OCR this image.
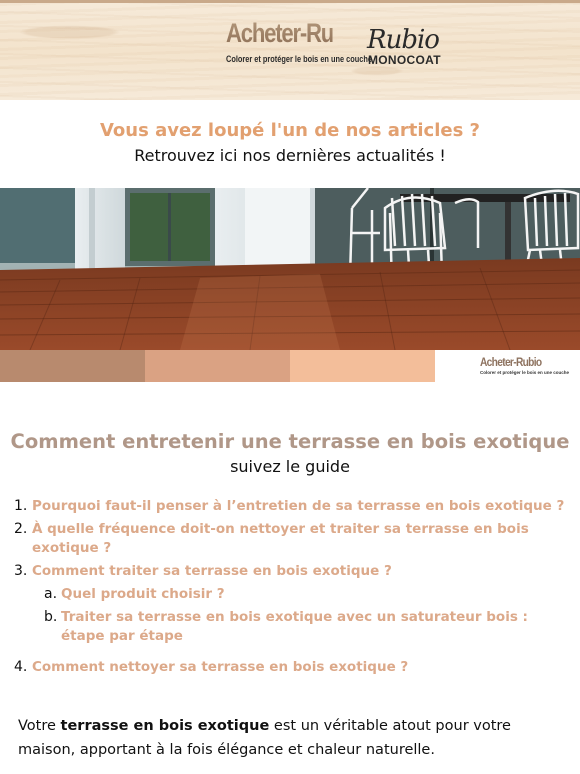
Acheter-Rubio
Colorer et protéger le bois en une couche
Rubio
MONOCOAT
Vous avez loupé l'un de nos articles ?
Retrouvez ici nos dernières actualités !
Acheter-Rubio
Colorer et protéger le bois en une couche
Comment entretenir une terrasse en bois exotique
suivez le guide
1. Pourquoi faut-il penser à l’entretien de sa terrasse en bois exotique ?
2. À quelle fréquence doit-on nettoyer et traiter sa terrasse en bois exotique ?
3. Comment traiter sa terrasse en bois exotique ?
a. Quel produit choisir ?
b. Traiter sa terrasse en bois exotique avec un saturateur bois : étape par étape
4. Comment nettoyer sa terrasse en bois exotique ?
Votre terrasse en bois exotique est un véritable atout pour votre maison, apportant à la fois élégance et chaleur naturelle.
